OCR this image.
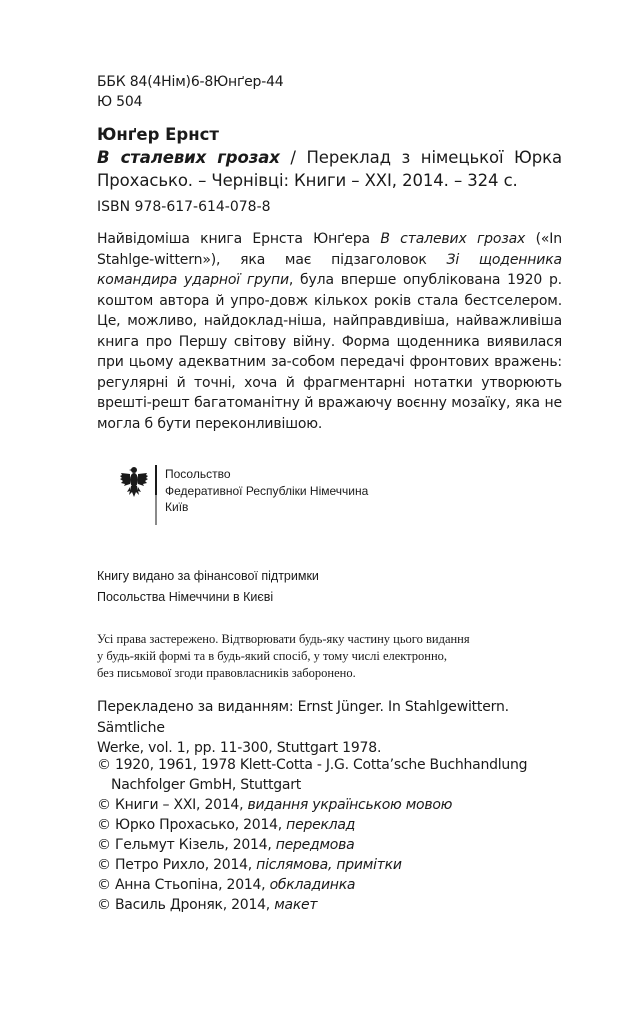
ББК 84(4Нім)6-8Юнґер-44
Ю 504
Юнґер Ернст
В сталевих грозах / Переклад з німецької Юрка Прохасько. – Чернівці: Книги – XXI, 2014. – 324 с.
ISBN 978-617-614-078-8
Найвідоміша книга Ернста Юнґера В сталевих грозах («In Stahlge-wittern»), яка має підзаголовок Зі щоденника командира ударної групи, була вперше опублікована 1920 р. коштом автора й упро-довж кількох років стала бестселером. Це, можливо, найдоклад-ніша, найправдивіша, найважливіша книга про Першу світову війну. Форма щоденника виявилася при цьому адекватним за-собом передачі фронтових вражень: регулярні й точні, хоча й фрагментарні нотатки утворюють врешті-решт багатоманітну й вражаючу воєнну мозаїку, яка не могла б бути переконливішою.
Посольство
Федеративної Республіки Німеччина
Київ
Книгу видано за фінансової підтримки
Посольства Німеччини в Києві
Усі права застережено. Відтворювати будь-яку частину цього видання
у будь-якій формі та в будь-який спосіб, у тому числі електронно,
без письмової згоди правовласників заборонено.
Перекладено за виданням: Ernst Jünger. In Stahlgewittern. Sämtliche
Werke, vol. 1, pp. 11-300, Stuttgart 1978.
© 1920, 1961, 1978 Klett-Cotta - J.G. Cotta’sche Buchhandlung
Nachfolger GmbH, Stuttgart
© Книги – XXI, 2014, видання українською мовою
© Юрко Прохасько, 2014, переклад
© Гельмут Кізель, 2014, передмова
© Петро Рихло, 2014, післямова, примітки
© Анна Стьопіна, 2014, обкладинка
© Василь Дроняк, 2014, макет
